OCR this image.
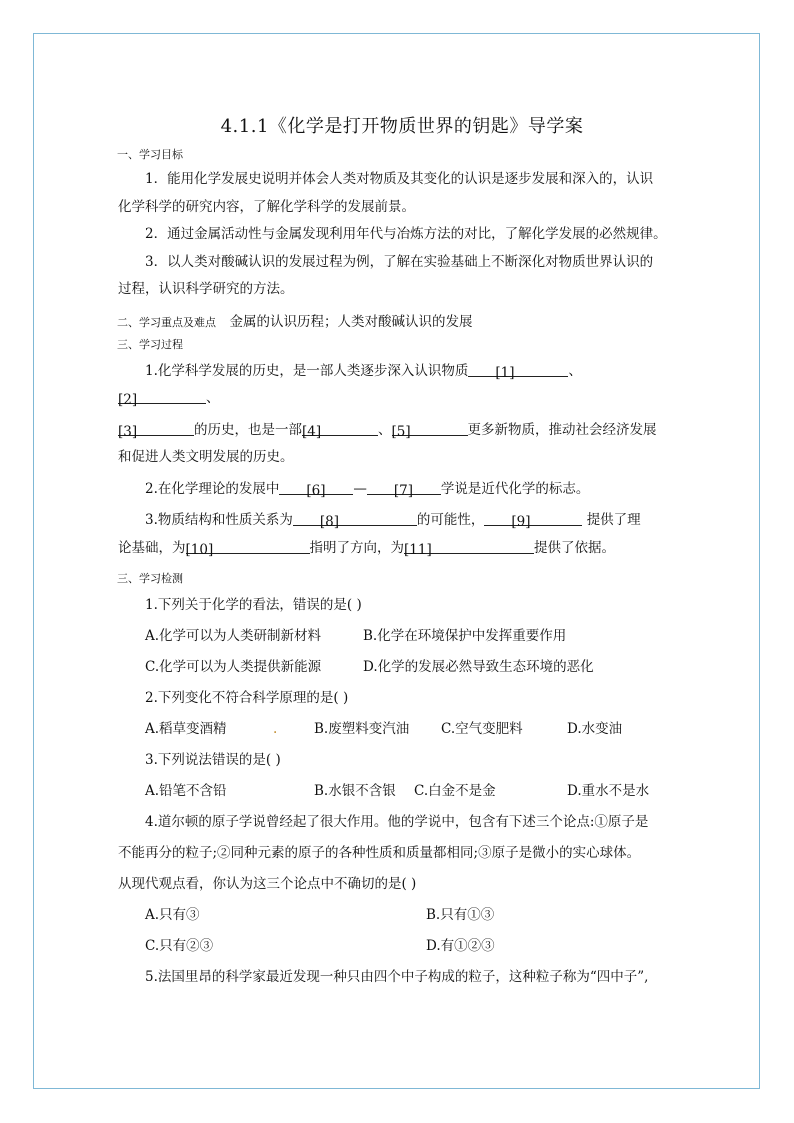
4.1.1《化学是打开物质世界的钥匙》导学案
一、学习目标

1．能用化学发展史说明并体会人类对物质及其变化的认识是逐步发展和深入的，认识

化学科学的研究内容，了解化学科学的发展前景。

2．通过金属活动性与金属发现利用年代与冶炼方法的对比，了解化学发展的必然规律。

3．以人类对酸碱认识的发展过程为例，了解在实验基础上不断深化对物质世界认识的

过程，认识科学研究的方法。

二、学习重点及难点 金属的认识历程；人类对酸碱认识的发展
三、学习过程

1.化学科学发展的历史，是一部人类逐步深入认识物质 [1]	、

[2]	、

[3]	的历史，也是一部[4]	、[5]	更多新物质，推动社会经济发展

和促进人类文明发展的历史。

2.在化学理论的发展中 [6] — [7] 学说是近代化学的标志。

3.物质结构和性质关系为 [8]	的可能性， [9]	提供了理

论基础，为[10]	指明了方向，为[11]	提供了依据。

三、学习检测

1.下列关于化学的看法，错误的是( )

A.化学可以为人类研制新材料	B.化学在环境保护中发挥重要作用
C.化学可以为人类提供新能源	D.化学的发展必然导致生态环境的恶化

2.下列变化不符合科学原理的是( )

A.稻草变酒精	.	B.废塑料变汽油 C.空气变肥料	D.水变油

3.下列说法错误的是( )

A.铅笔不含铅	B.水银不含银 C.白金不是金	D.重水不是水

4.道尔顿的原子学说曾经起了很大作用。他的学说中，包含有下述三个论点:①原子是

不能再分的粒子;②同种元素的原子的各种性质和质量都相同;③原子是微小的实心球体。

从现代观点看，你认为这三个论点中不确切的是( )

A.只有③	B.只有①③
C.只有②③	D.有①②③

5.法国里昂的科学家最近发现一种只由四个中子构成的粒子，这种粒子称为“四中子”,
